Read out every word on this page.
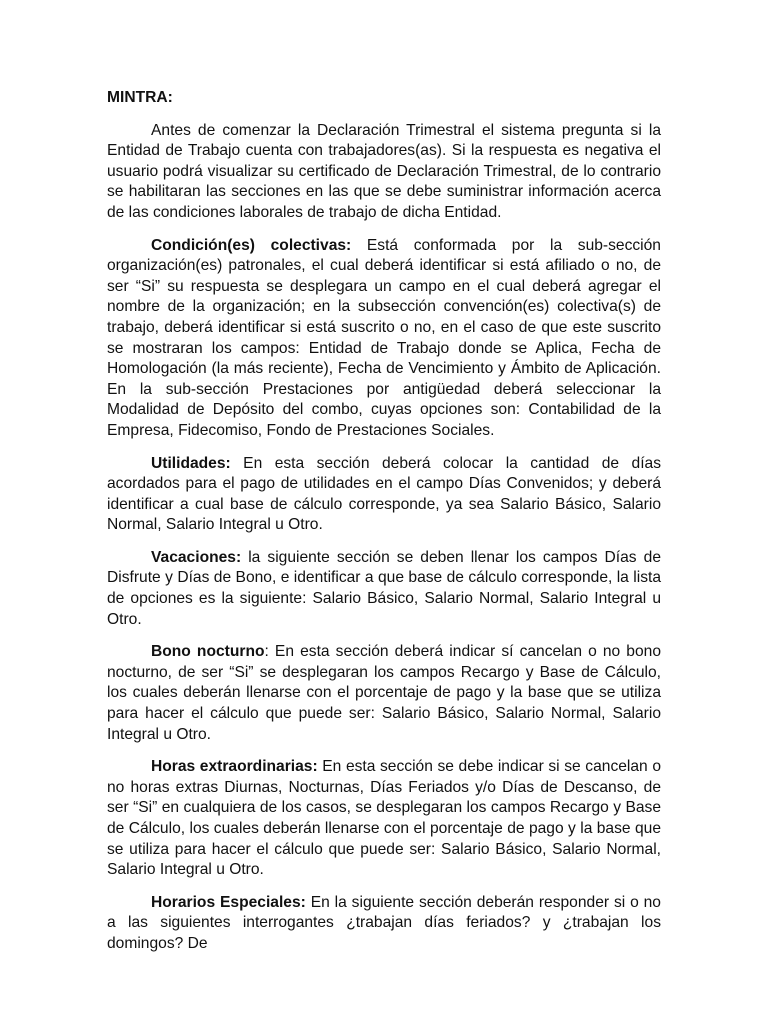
MINTRA:

Antes de comenzar la Declaración Trimestral el sistema pregunta si la Entidad de Trabajo cuenta con trabajadores(as). Si la respuesta es negativa el usuario podrá visualizar su certificado de Declaración Trimestral, de lo contrario se habilitaran las secciones en las que se debe suministrar información acerca de las condiciones laborales de trabajo de dicha Entidad.

Condición(es) colectivas: Está conformada por la sub-sección organización(es) patronales, el cual deberá identificar si está afiliado o no, de ser “Si” su respuesta se desplegara un campo en el cual deberá agregar el nombre de la organización; en la subsección convención(es) colectiva(s) de trabajo, deberá identificar si está suscrito o no, en el caso de que este suscrito se mostraran los campos: Entidad de Trabajo donde se Aplica, Fecha de Homologación (la más reciente), Fecha de Vencimiento y Ámbito de Aplicación. En la sub-sección Prestaciones por antigüedad deberá seleccionar la Modalidad de Depósito del combo, cuyas opciones son: Contabilidad de la Empresa, Fidecomiso, Fondo de Prestaciones Sociales.

Utilidades: En esta sección deberá colocar la cantidad de días acordados para el pago de utilidades en el campo Días Convenidos; y deberá identificar a cual base de cálculo corresponde, ya sea Salario Básico, Salario Normal, Salario Integral u Otro.

Vacaciones: la siguiente sección se deben llenar los campos Días de Disfrute y Días de Bono, e identificar a que base de cálculo corresponde, la lista de opciones es la siguiente: Salario Básico, Salario Normal, Salario Integral u Otro.

Bono nocturno: En esta sección deberá indicar sí cancelan o no bono nocturno, de ser “Si” se desplegaran los campos Recargo y Base de Cálculo, los cuales deberán llenarse con el porcentaje de pago y la base que se utiliza para hacer el cálculo que puede ser: Salario Básico, Salario Normal, Salario Integral u Otro.

Horas extraordinarias: En esta sección se debe indicar si se cancelan o no horas extras Diurnas, Nocturnas, Días Feriados y/o Días de Descanso, de ser “Si” en cualquiera de los casos, se desplegaran los campos Recargo y Base de Cálculo, los cuales deberán llenarse con el porcentaje de pago y la base que se utiliza para hacer el cálculo que puede ser: Salario Básico, Salario Normal, Salario Integral u Otro.

Horarios Especiales: En la siguiente sección deberán responder si o no a las siguientes interrogantes ¿trabajan días feriados? y ¿trabajan los domingos? De
